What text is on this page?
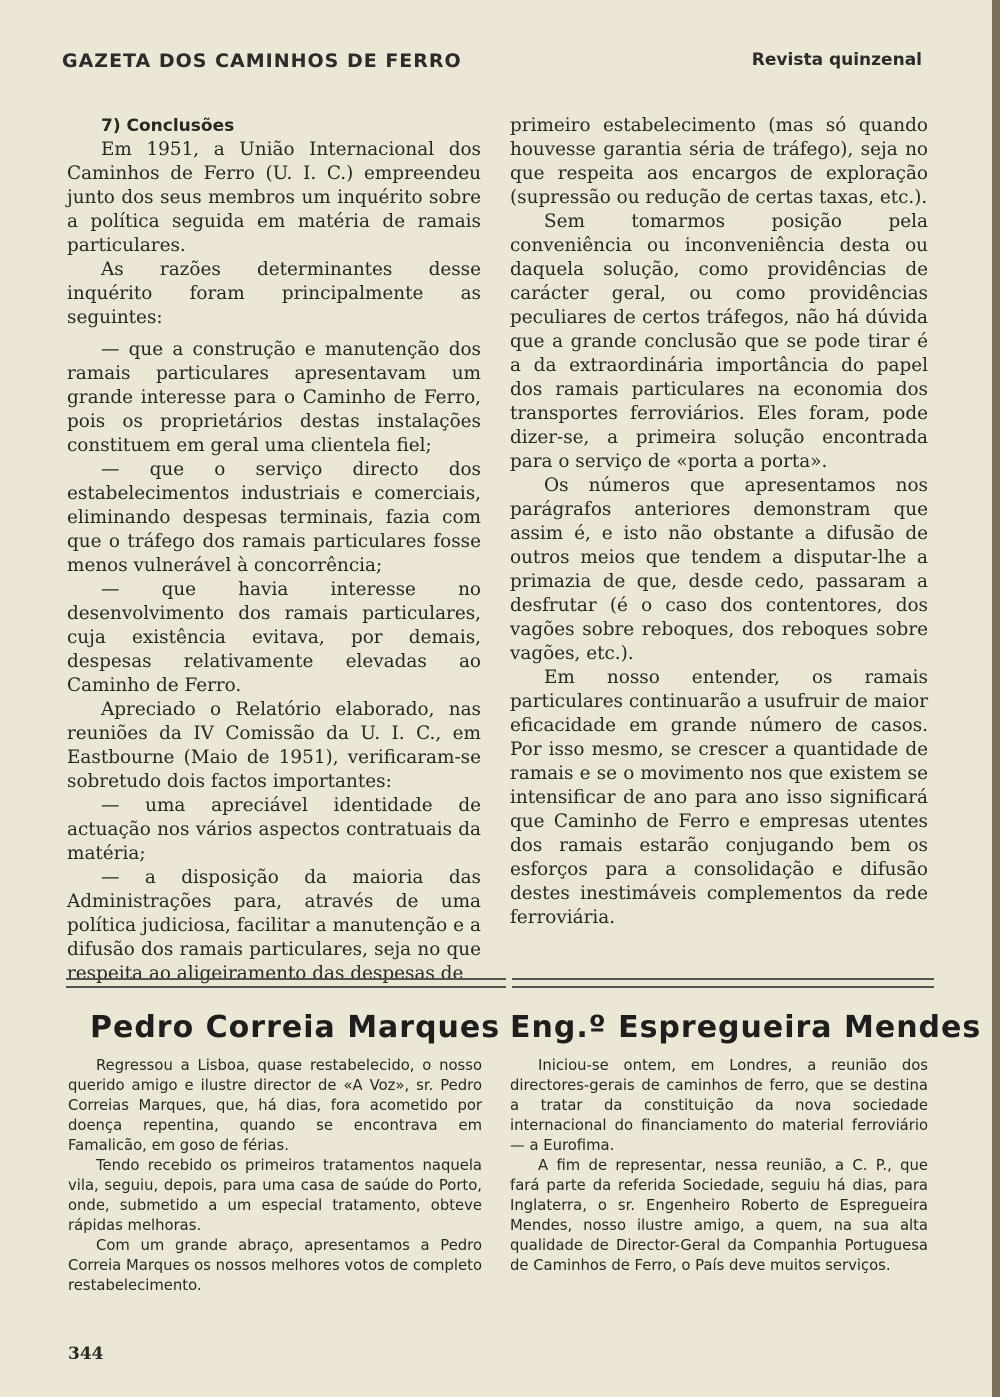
GAZETA DOS CAMINHOS DE FERRO	Revista quinzenal

7) Conclusões

Em 1951, a União Internacional dos Caminhos de Ferro (U. I. C.) empreendeu junto dos seus membros um inquérito sobre a política seguida em matéria de ramais particulares.

As razões determinantes desse inquérito foram principalmente as seguintes:

— que a construção e manutenção dos ramais particulares apresentavam um grande interesse para o Caminho de Ferro, pois os proprietários destas instalações constituem em geral uma clientela fiel;

— que o serviço directo dos estabelecimentos industriais e comerciais, eliminando despesas terminais, fazia com que o tráfego dos ramais particulares fosse menos vulnerável à concorrência;

— que havia interesse no desenvolvimento dos ramais particulares, cuja existência evitava, por demais, despesas relativamente elevadas ao Caminho de Ferro.

Apreciado o Relatório elaborado, nas reuniões da IV Comissão da U. I. C., em Eastbourne (Maio de 1951), verificaram-se sobretudo dois factos importantes:

— uma apreciável identidade de actuação nos vários aspectos contratuais da matéria;

— a disposição da maioria das Administrações para, através de uma política judiciosa, facilitar a manutenção e a difusão dos ramais particulares, seja no que respeita ao aligeiramento das despesas de

primeiro estabelecimento (mas só quando houvesse garantia séria de tráfego), seja no que respeita aos encargos de exploração (supressão ou redução de certas taxas, etc.).

Sem tomarmos posição pela conveniência ou inconveniência desta ou daquela solução, como providências de carácter geral, ou como providências peculiares de certos tráfegos, não há dúvida que a grande conclusão que se pode tirar é a da extraordinária importância do papel dos ramais particulares na economia dos transportes ferroviários. Eles foram, pode dizer-se, a primeira solução encontrada para o serviço de «porta a porta».

Os números que apresentamos nos parágrafos anteriores demonstram que assim é, e isto não obstante a difusão de outros meios que tendem a disputar-lhe a primazia de que, desde cedo, passaram a desfrutar (é o caso dos contentores, dos vagões sobre reboques, dos reboques sobre vagões, etc.).

Em nosso entender, os ramais particulares continuarão a usufruir de maior eficacidade em grande número de casos. Por isso mesmo, se crescer a quantidade de ramais e se o movimento nos que existem se intensificar de ano para ano isso significará que Caminho de Ferro e empresas utentes dos ramais estarão conjugando bem os esforços para a consolidação e difusão destes inestimáveis complementos da rede ferroviária.

Pedro Correia Marques Eng.º Espregueira Mendes

Regressou a Lisboa, quase restabelecido, o nosso querido amigo e ilustre director de «A Voz», sr. Pedro Correias Marques, que, há dias, fora acometido por doença repentina, quando se encontrava em Famalicão, em goso de férias.

Tendo recebido os primeiros tratamentos naquela vila, seguiu, depois, para uma casa de saúde do Porto, onde, submetido a um especial tratamento, obteve rápidas melhoras.

Com um grande abraço, apresentamos a Pedro Correia Marques os nossos melhores votos de completo restabelecimento.

Iniciou-se ontem, em Londres, a reunião dos directores-gerais de caminhos de ferro, que se destina a tratar da constituição da nova sociedade internacional do financiamento do material ferroviário — a Eurofima.

A fim de representar, nessa reunião, a C. P., que fará parte da referida Sociedade, seguiu há dias, para Inglaterra, o sr. Engenheiro Roberto de Espregueira Mendes, nosso ilustre amigo, a quem, na sua alta qualidade de Director-Geral da Companhia Portuguesa de Caminhos de Ferro, o País deve muitos serviços.

344
